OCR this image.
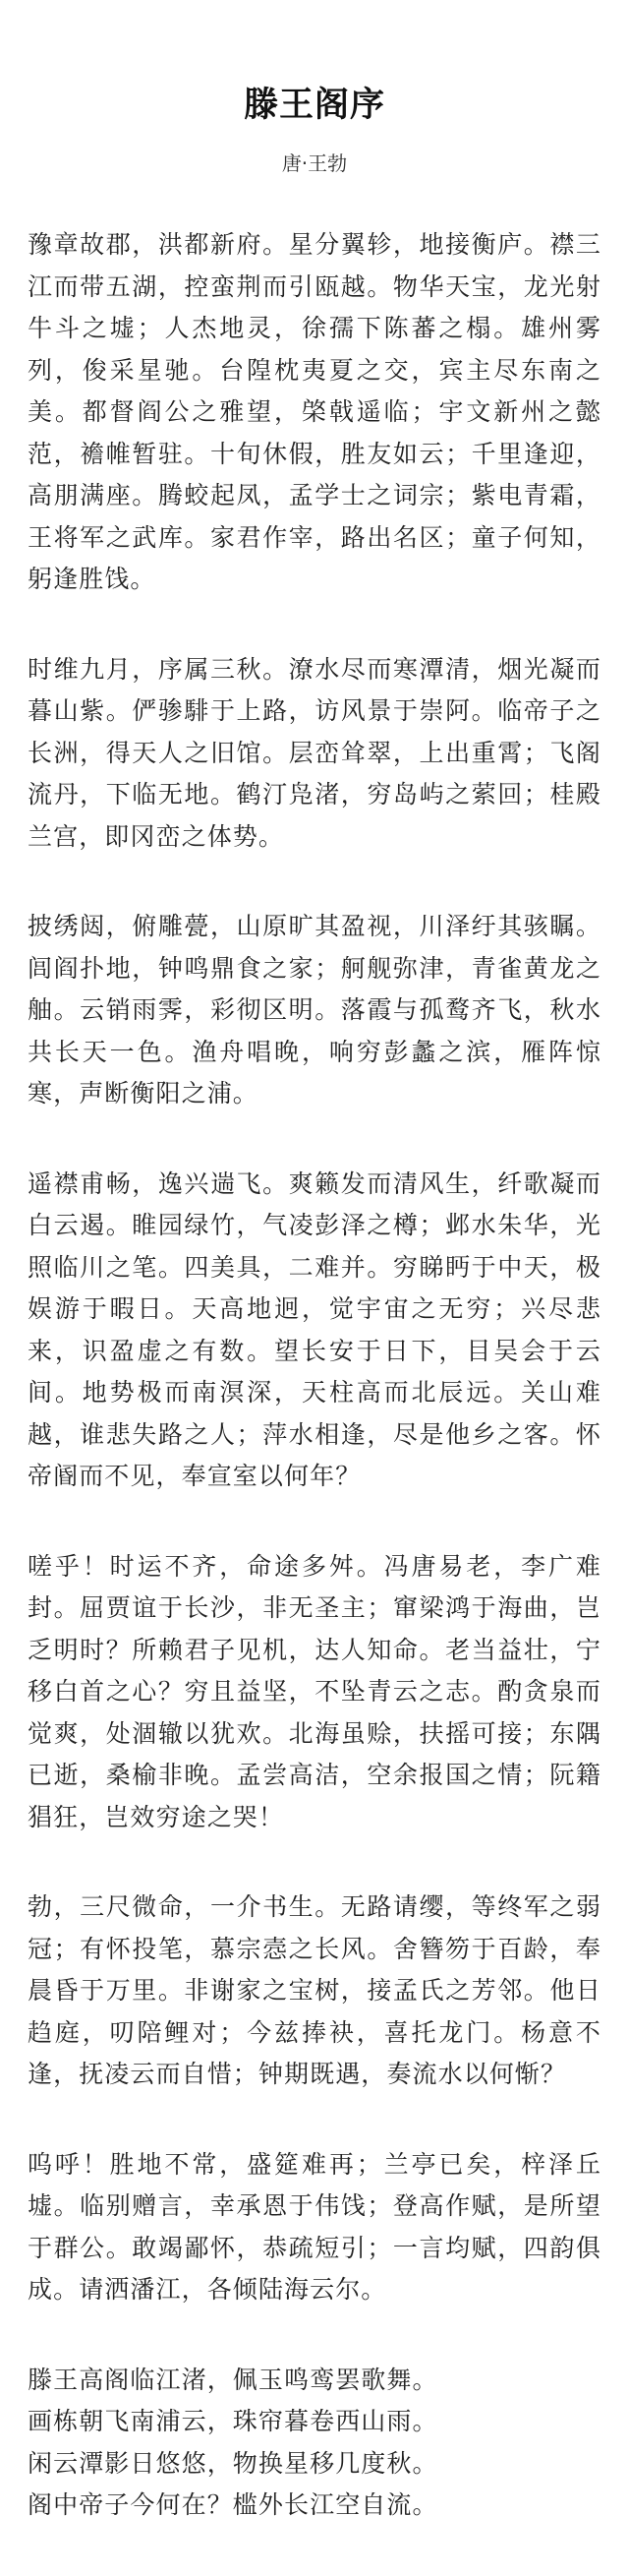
滕王阁序
唐·王勃

豫章故郡，洪都新府。星分翼轸，地接衡庐。襟三江而带五湖，控蛮荆而引瓯越。物华天宝，龙光射牛斗之墟；人杰地灵，徐孺下陈蕃之榻。雄州雾列，俊采星驰。台隍枕夷夏之交，宾主尽东南之美。都督阎公之雅望，棨戟遥临；宇文新州之懿范，襜帷暂驻。十旬休假，胜友如云；千里逢迎，高朋满座。腾蛟起凤，孟学士之词宗；紫电青霜，王将军之武库。家君作宰，路出名区；童子何知，躬逢胜饯。

时维九月，序属三秋。潦水尽而寒潭清，烟光凝而暮山紫。俨骖騑于上路，访风景于崇阿。临帝子之长洲，得天人之旧馆。层峦耸翠，上出重霄；飞阁流丹，下临无地。鹤汀凫渚，穷岛屿之萦回；桂殿兰宫，即冈峦之体势。

披绣闼，俯雕甍，山原旷其盈视，川泽纡其骇瞩。闾阎扑地，钟鸣鼎食之家；舸舰弥津，青雀黄龙之舳。云销雨霁，彩彻区明。落霞与孤鹜齐飞，秋水共长天一色。渔舟唱晚，响穷彭蠡之滨，雁阵惊寒，声断衡阳之浦。

遥襟甫畅，逸兴遄飞。爽籁发而清风生，纤歌凝而白云遏。睢园绿竹，气凌彭泽之樽；邺水朱华，光照临川之笔。四美具，二难并。穷睇眄于中天，极娱游于暇日。天高地迥，觉宇宙之无穷；兴尽悲来，识盈虚之有数。望长安于日下，目吴会于云间。地势极而南溟深，天柱高而北辰远。关山难越，谁悲失路之人；萍水相逢，尽是他乡之客。怀帝阍而不见，奉宣室以何年？

嗟乎！时运不齐，命途多舛。冯唐易老，李广难封。屈贾谊于长沙，非无圣主；窜梁鸿于海曲，岂乏明时？所赖君子见机，达人知命。老当益壮，宁移白首之心？穷且益坚，不坠青云之志。酌贪泉而觉爽，处涸辙以犹欢。北海虽赊，扶摇可接；东隅已逝，桑榆非晚。孟尝高洁，空余报国之情；阮籍猖狂，岂效穷途之哭！

勃，三尺微命，一介书生。无路请缨，等终军之弱冠；有怀投笔，慕宗悫之长风。舍簪笏于百龄，奉晨昏于万里。非谢家之宝树，接孟氏之芳邻。他日趋庭，叨陪鲤对；今兹捧袂，喜托龙门。杨意不逢，抚凌云而自惜；钟期既遇，奏流水以何惭？

呜呼！胜地不常，盛筵难再；兰亭已矣，梓泽丘墟。临别赠言，幸承恩于伟饯；登高作赋，是所望于群公。敢竭鄙怀，恭疏短引；一言均赋，四韵俱成。请洒潘江，各倾陆海云尔。

滕王高阁临江渚，佩玉鸣鸾罢歌舞。

画栋朝飞南浦云，珠帘暮卷西山雨。

闲云潭影日悠悠，物换星移几度秋。

阁中帝子今何在？槛外长江空自流。
